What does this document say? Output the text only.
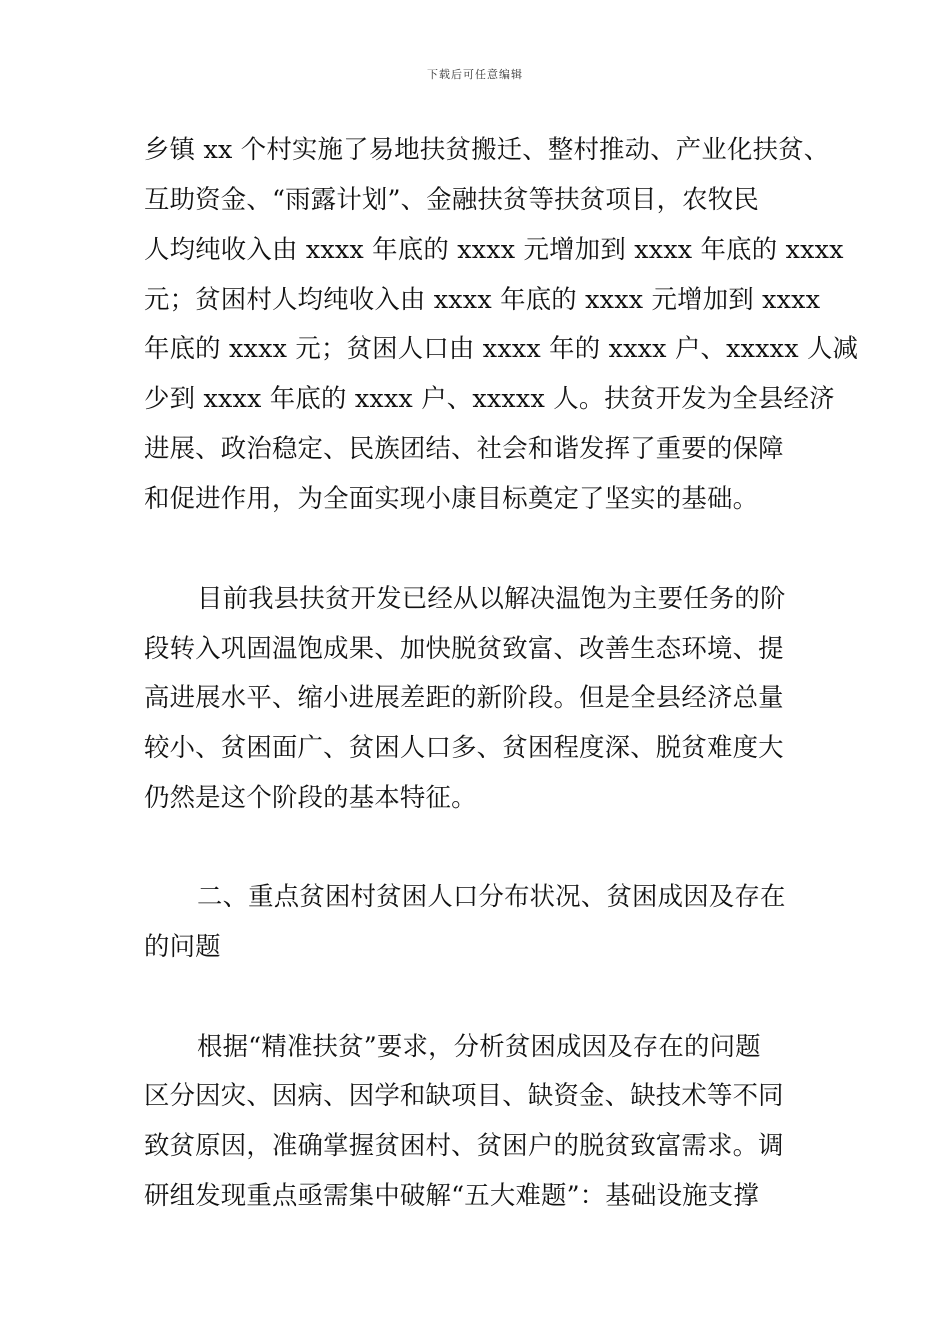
下载后可任意编辑
乡镇 xx 个村实施了易地扶贫搬迁、整村推动、产业化扶贫、
互助资金、“雨露计划”、金融扶贫等扶贫项目，农牧民
人均纯收入由 xxxx 年底的 xxxx 元增加到 xxxx 年底的 xxxx
元；贫困村人均纯收入由 xxxx 年底的 xxxx 元增加到 xxxx
年底的 xxxx 元；贫困人口由 xxxx 年的 xxxx 户、xxxxx 人减
少到 xxxx 年底的 xxxx 户、xxxxx 人。扶贫开发为全县经济
进展、政治稳定、民族团结、社会和谐发挥了重要的保障
和促进作用，为全面实现小康目标奠定了坚实的基础。
目前我县扶贫开发已经从以解决温饱为主要任务的阶
段转入巩固温饱成果、加快脱贫致富、改善生态环境、提
高进展水平、缩小进展差距的新阶段。但是全县经济总量
较小、贫困面广、贫困人口多、贫困程度深、脱贫难度大
仍然是这个阶段的基本特征。
二、重点贫困村贫困人口分布状况、贫困成因及存在
的问题
根据“精准扶贫”要求，分析贫困成因及存在的问题
区分因灾、因病、因学和缺项目、缺资金、缺技术等不同
致贫原因，准确掌握贫困村、贫困户的脱贫致富需求。调
研组发现重点亟需集中破解“五大难题”：基础设施支撑
